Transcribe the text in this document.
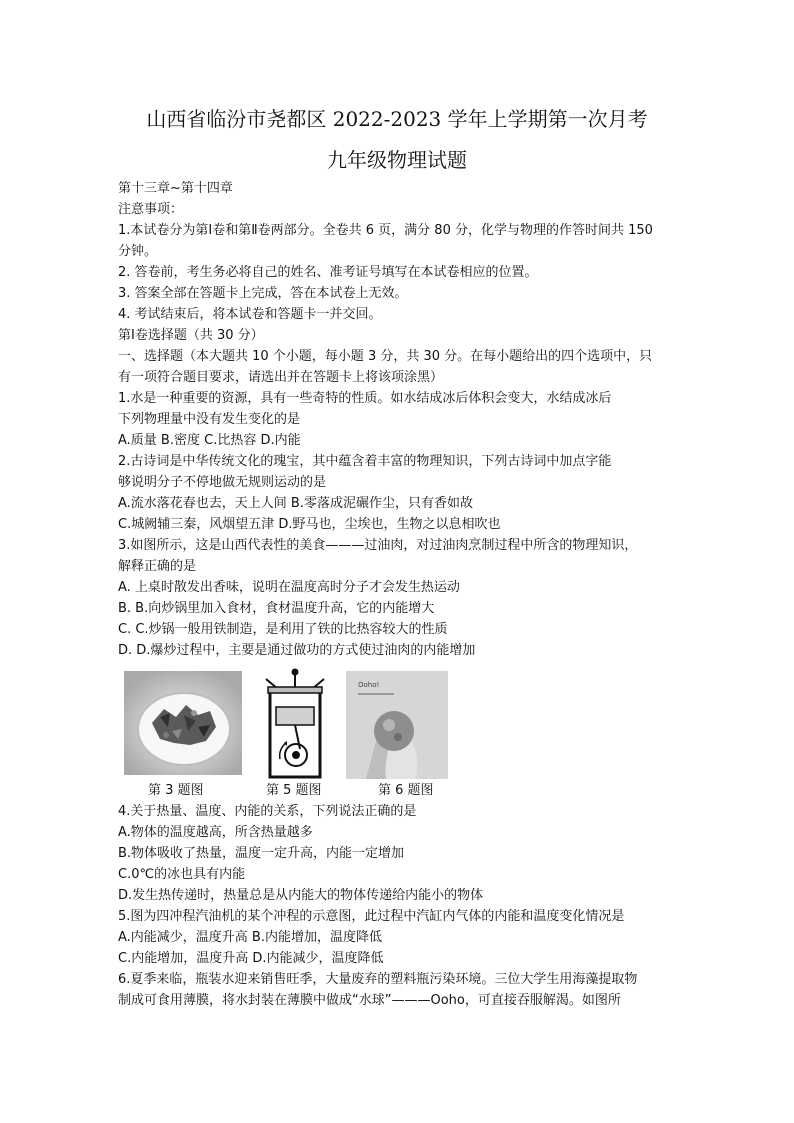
山西省临汾市尧都区 2022-2023 学年上学期第一次月考
九年级物理试题
第十三章~第十四章
注意事项：
1.本试卷分为第Ⅰ卷和第Ⅱ卷两部分。全卷共 6 页，满分 80 分，化学与物理的作答时间共 150
分钟。
2. 答卷前，考生务必将自己的姓名、准考证号填写在本试卷相应的位置。
3. 答案全部在答题卡上完成，答在本试卷上无效。
4. 考试结束后，将本试卷和答题卡一并交回。
第Ⅰ卷选择题（共 30 分）
一、选择题（本大题共 10 个小题，每小题 3 分，共 30 分。在每小题给出的四个选项中，只
有一项符合题目要求，请选出并在答题卡上将该项涂黑）
1.水是一种重要的资源，具有一些奇特的性质。如水结成冰后体积会变大，水结成冰后
下列物理量中没有发生变化的是
A.质量 B.密度 C.比热容 D.内能
2.古诗词是中华传统文化的瑰宝，其中蕴含着丰富的物理知识，下列古诗词中加点字能
够说明分子不停地做无规则运动的是
A.流水落花春也去，天上人间 B.零落成泥碾作尘，只有香如故
C.城阙辅三秦，风烟望五津 D.野马也，尘埃也，生物之以息相吹也
3.如图所示，这是山西代表性的美食———过油肉，对过油肉烹制过程中所含的物理知识，
解释正确的是
A. 上桌时散发出香味，说明在温度高时分子才会发生热运动
B. B.向炒锅里加入食材，食材温度升高，它的内能增大
C. C.炒锅一般用铁制造，是利用了铁的比热容较大的性质
D. D.爆炒过程中，主要是通过做功的方式使过油肉的内能增加
Ooho!
第 3 题图	第 5 题图	第 6 题图
4.关于热量、温度、内能的关系，下列说法正确的是
A.物体的温度越高，所含热量越多
B.物体吸收了热量，温度一定升高，内能一定增加
C.0℃的冰也具有内能
D.发生热传递时，热量总是从内能大的物体传递给内能小的物体
5.图为四冲程汽油机的某个冲程的示意图，此过程中汽缸内气体的内能和温度变化情况是
A.内能减少，温度升高 B.内能增加，温度降低
C.内能增加，温度升高 D.内能减少，温度降低
6.夏季来临，瓶装水迎来销售旺季，大量废弃的塑料瓶污染环境。三位大学生用海藻提取物
制成可食用薄膜，将水封装在薄膜中做成“水球”———Ooho，可直接吞服解渴。如图所
